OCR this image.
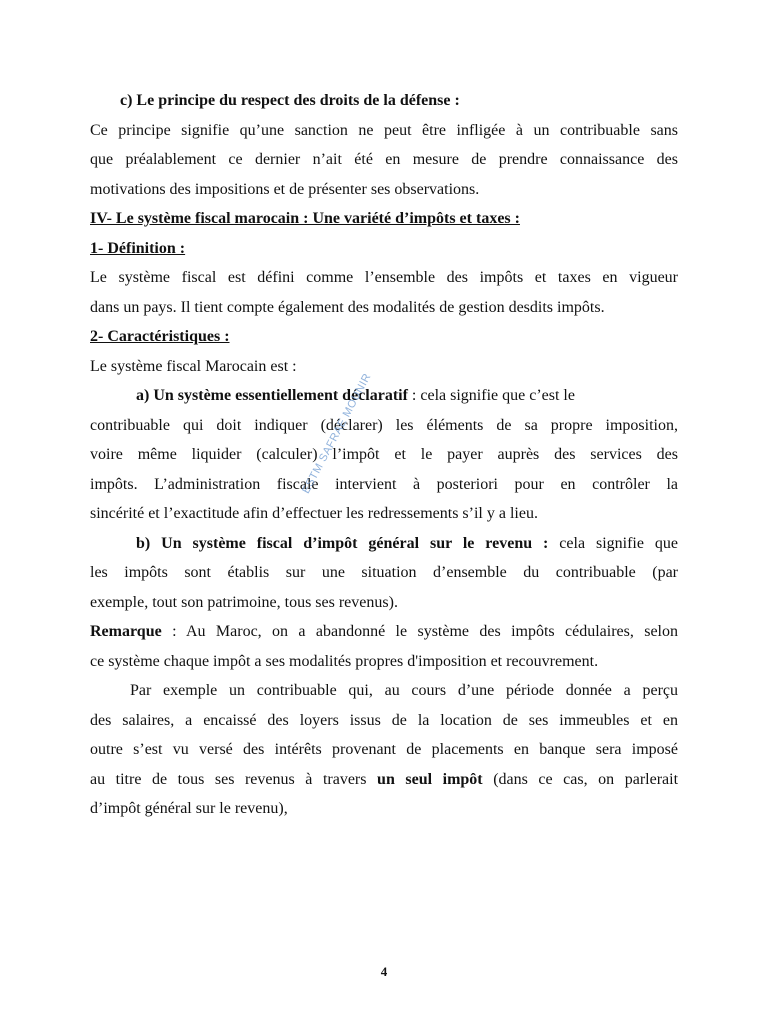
c) Le principe du respect des droits de la défense :
Ce principe signifie qu’une sanction ne peut être infligée à un contribuable sans
que préalablement ce dernier n’ait été en mesure de prendre connaissance des
motivations des impositions et de présenter ses observations.
IV- Le système fiscal marocain : Une variété d’impôts et taxes :
1- Définition :
Le système fiscal est défini comme l’ensemble des impôts et taxes en vigueur
dans un pays. Il tient compte également des modalités de gestion desdits impôts.
2- Caractéristiques :
Le système fiscal Marocain est :
a) Un système essentiellement déclaratif : cela signifie que c’est le
contribuable qui doit indiquer (déclarer) les éléments de sa propre imposition,
voire même liquider (calculer) l’impôt et le payer auprès des services des
impôts. L’administration fiscale intervient à posteriori pour en contrôler la
sincérité et l’exactitude afin d’effectuer les redressements s’il y a lieu.
b) Un système fiscal d’impôt général sur le revenu : cela signifie que
les impôts sont établis sur une situation d’ensemble du contribuable (par
exemple, tout son patrimoine, tous ses revenus).
Remarque : Au Maroc, on a abandonné le système des impôts cédulaires, selon
ce système chaque impôt a ses modalités propres d'imposition et recouvrement.
Par exemple un contribuable qui, au cours d’une période donnée a perçu
des salaires, a encaissé des loyers issus de la location de ses immeubles et en
outre s’est vu versé des intérêts provenant de placements en banque sera imposé
au titre de tous ses revenus à travers un seul impôt (dans ce cas, on parlerait
d’impôt général sur le revenu),
ESTM SAFRAE MOUNIR
4
